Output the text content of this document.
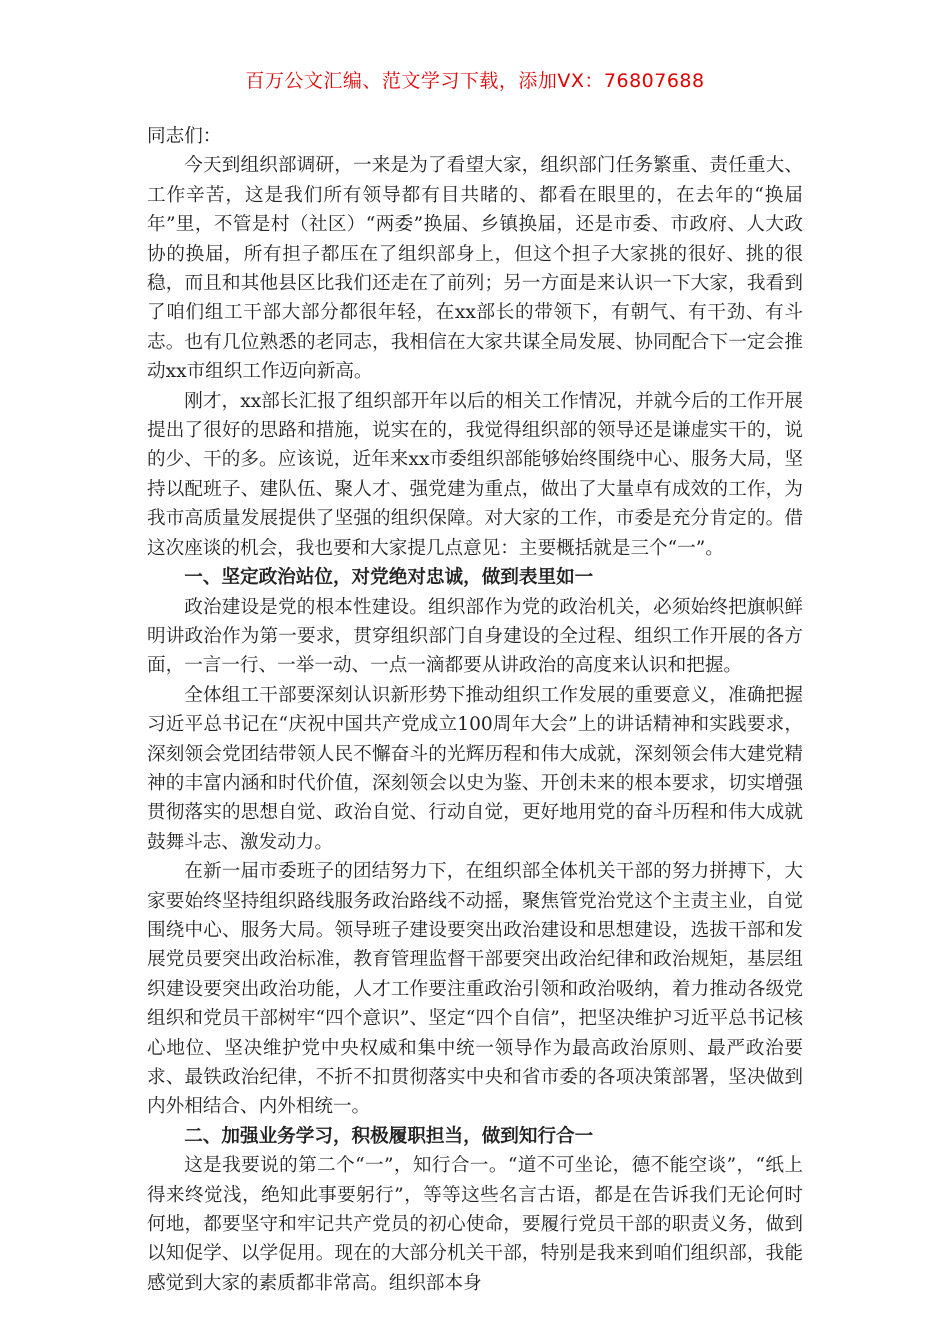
百万公文汇编、范文学习下载，添加VX：76807688

同志们：

今天到组织部调研，一来是为了看望大家，组织部门任务繁重、责任重大、工作辛苦，这是我们所有领导都有目共睹的、都看在眼里的，在去年的“换届年”里，不管是村（社区）“两委”换届、乡镇换届，还是市委、市政府、人大政协的换届，所有担子都压在了组织部身上，但这个担子大家挑的很好、挑的很稳，而且和其他县区比我们还走在了前列；另一方面是来认识一下大家，我看到了咱们组工干部大部分都很年轻，在xx部长的带领下，有朝气、有干劲、有斗志。也有几位熟悉的老同志，我相信在大家共谋全局发展、协同配合下一定会推动xx市组织工作迈向新高。

刚才，xx部长汇报了组织部开年以后的相关工作情况，并就今后的工作开展提出了很好的思路和措施，说实在的，我觉得组织部的领导还是谦虚实干的，说的少、干的多。应该说，近年来xx市委组织部能够始终围绕中心、服务大局，坚持以配班子、建队伍、聚人才、强党建为重点，做出了大量卓有成效的工作，为我市高质量发展提供了坚强的组织保障。对大家的工作，市委是充分肯定的。借这次座谈的机会，我也要和大家提几点意见：主要概括就是三个“一”。

一、坚定政治站位，对党绝对忠诚，做到表里如一

政治建设是党的根本性建设。组织部作为党的政治机关，必须始终把旗帜鲜明讲政治作为第一要求，贯穿组织部门自身建设的全过程、组织工作开展的各方面，一言一行、一举一动、一点一滴都要从讲政治的高度来认识和把握。

全体组工干部要深刻认识新形势下推动组织工作发展的重要意义，准确把握习近平总书记在“庆祝中国共产党成立100周年大会”上的讲话精神和实践要求，深刻领会党团结带领人民不懈奋斗的光辉历程和伟大成就，深刻领会伟大建党精神的丰富内涵和时代价值，深刻领会以史为鉴、开创未来的根本要求，切实增强贯彻落实的思想自觉、政治自觉、行动自觉，更好地用党的奋斗历程和伟大成就鼓舞斗志、激发动力。

在新一届市委班子的团结努力下，在组织部全体机关干部的努力拼搏下，大家要始终坚持组织路线服务政治路线不动摇，聚焦管党治党这个主责主业，自觉围绕中心、服务大局。领导班子建设要突出政治建设和思想建设，选拔干部和发展党员要突出政治标准，教育管理监督干部要突出政治纪律和政治规矩，基层组织建设要突出政治功能，人才工作要注重政治引领和政治吸纳，着力推动各级党组织和党员干部树牢“四个意识”、坚定“四个自信”，把坚决维护习近平总书记核心地位、坚决维护党中央权威和集中统一领导作为最高政治原则、最严政治要求、最铁政治纪律，不折不扣贯彻落实中央和省市委的各项决策部署，坚决做到内外相结合、内外相统一。

二、加强业务学习，积极履职担当，做到知行合一

这是我要说的第二个“一”，知行合一。“道不可坐论，德不能空谈”，“纸上得来终觉浅，绝知此事要躬行”，等等这些名言古语，都是在告诉我们无论何时何地，都要坚守和牢记共产党员的初心使命，要履行党员干部的职责义务，做到以知促学、以学促用。现在的大部分机关干部，特别是我来到咱们组织部，我能感觉到大家的素质都非常高。组织部本身
